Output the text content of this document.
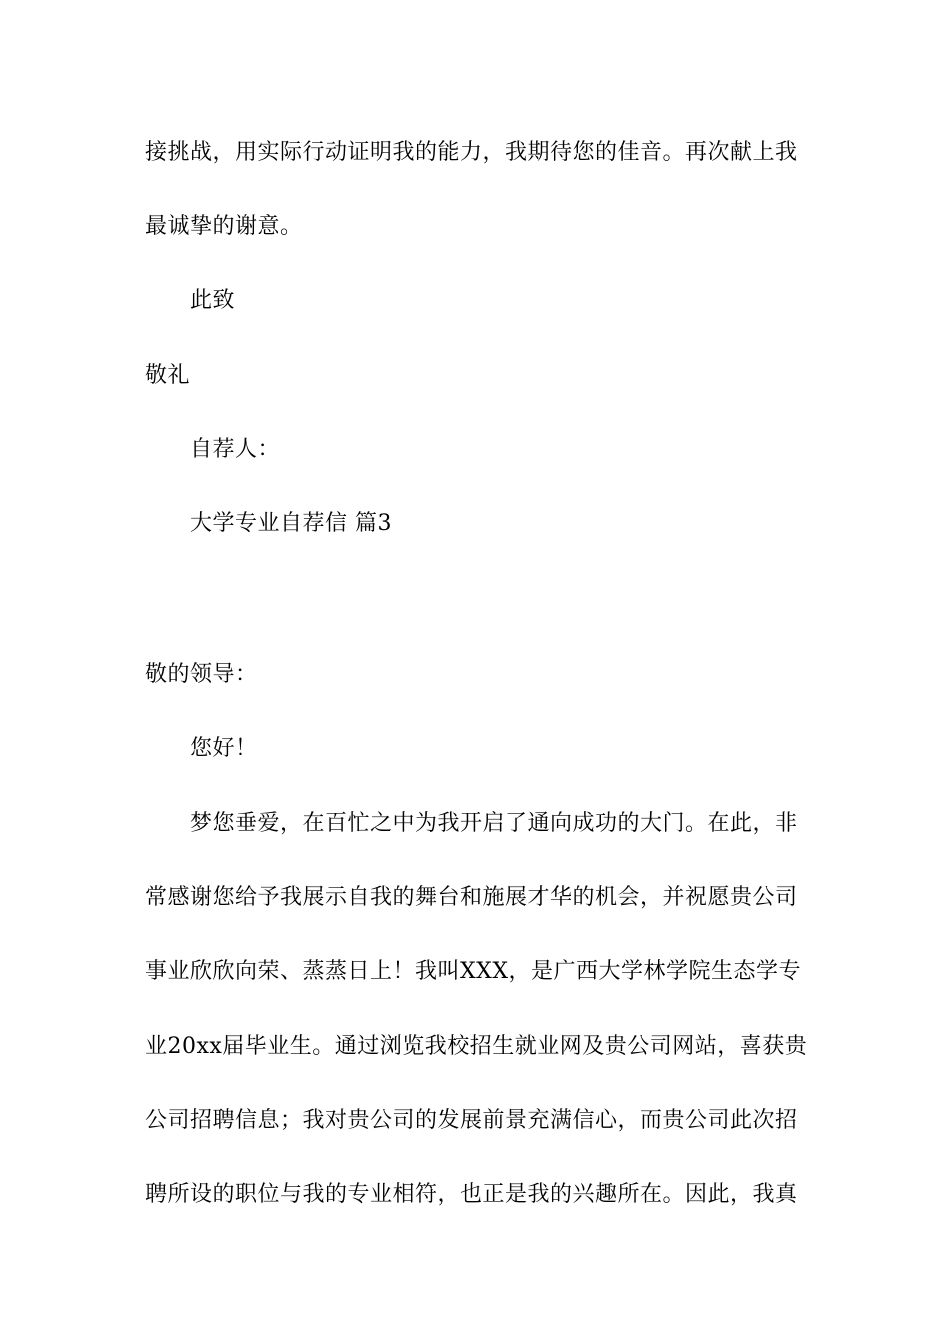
接挑战，用实际行动证明我的能力，我期待您的佳音。再次献上我
最诚挚的谢意。
此致
敬礼
自荐人：
大学专业自荐信 篇3
敬的领导：
您好！
梦您垂爱，在百忙之中为我开启了通向成功的大门。在此，非
常感谢您给予我展示自我的舞台和施展才华的机会，并祝愿贵公司
事业欣欣向荣、蒸蒸日上！我叫XXX，是广西大学林学院生态学专
业20xx届毕业生。通过浏览我校招生就业网及贵公司网站，喜获贵
公司招聘信息；我对贵公司的发展前景充满信心，而贵公司此次招
聘所设的职位与我的专业相符，也正是我的兴趣所在。因此，我真
